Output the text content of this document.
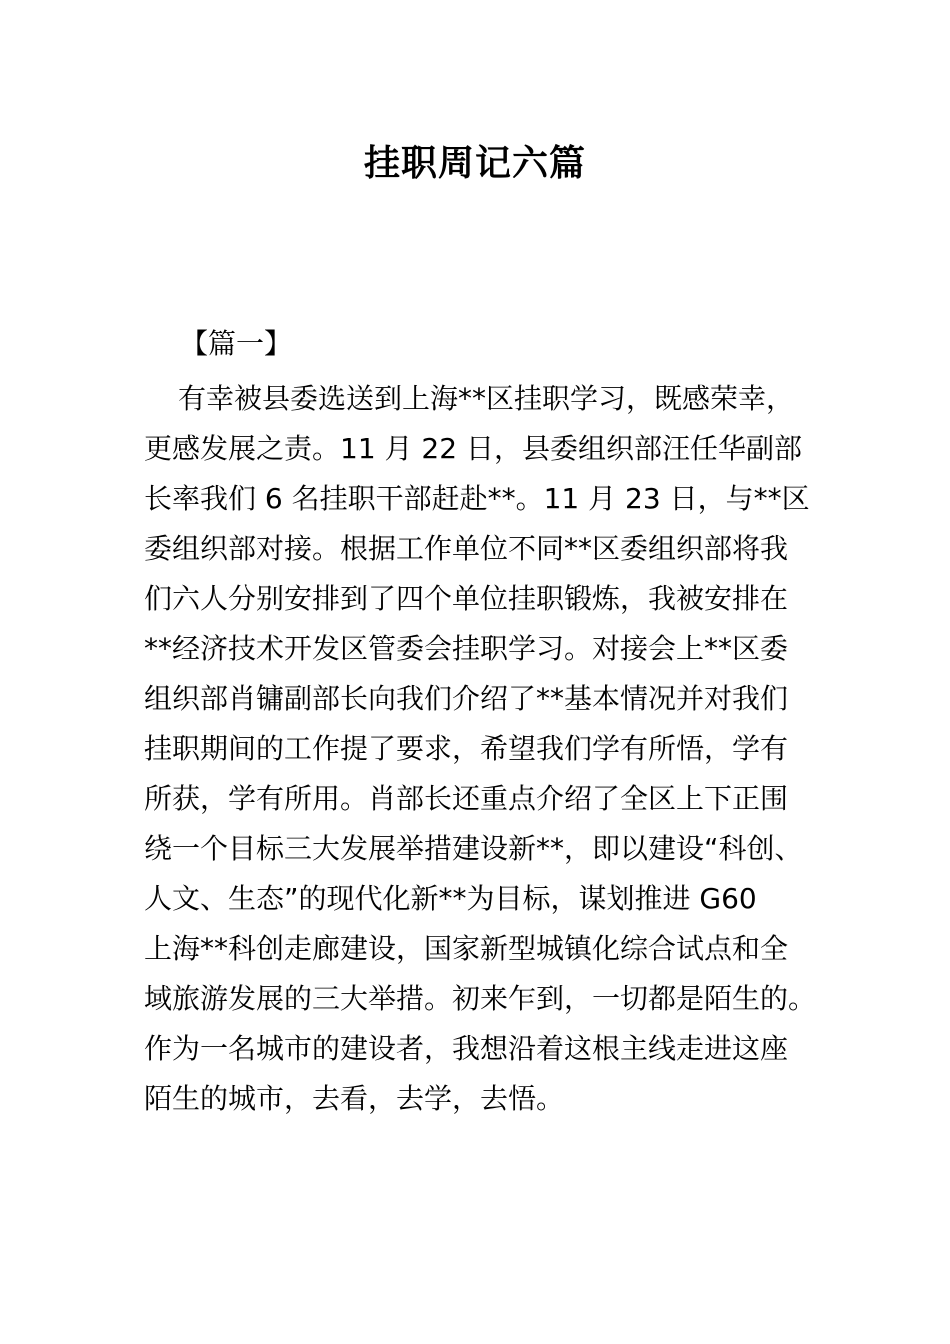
挂职周记六篇
【篇一】
有幸被县委选送到上海**区挂职学习，既感荣幸，
更感发展之责。11 月 22 日，县委组织部汪任华副部
长率我们 6 名挂职干部赶赴**。11 月 23 日，与**区
委组织部对接。根据工作单位不同**区委组织部将我
们六人分别安排到了四个单位挂职锻炼，我被安排在
**经济技术开发区管委会挂职学习。对接会上**区委
组织部肖镛副部长向我们介绍了**基本情况并对我们
挂职期间的工作提了要求，希望我们学有所悟，学有
所获，学有所用。肖部长还重点介绍了全区上下正围
绕一个目标三大发展举措建设新**，即以建设“科创、
人文、生态”的现代化新**为目标，谋划推进 G60
上海**科创走廊建设，国家新型城镇化综合试点和全
域旅游发展的三大举措。初来乍到，一切都是陌生的。
作为一名城市的建设者，我想沿着这根主线走进这座
陌生的城市，去看，去学，去悟。
